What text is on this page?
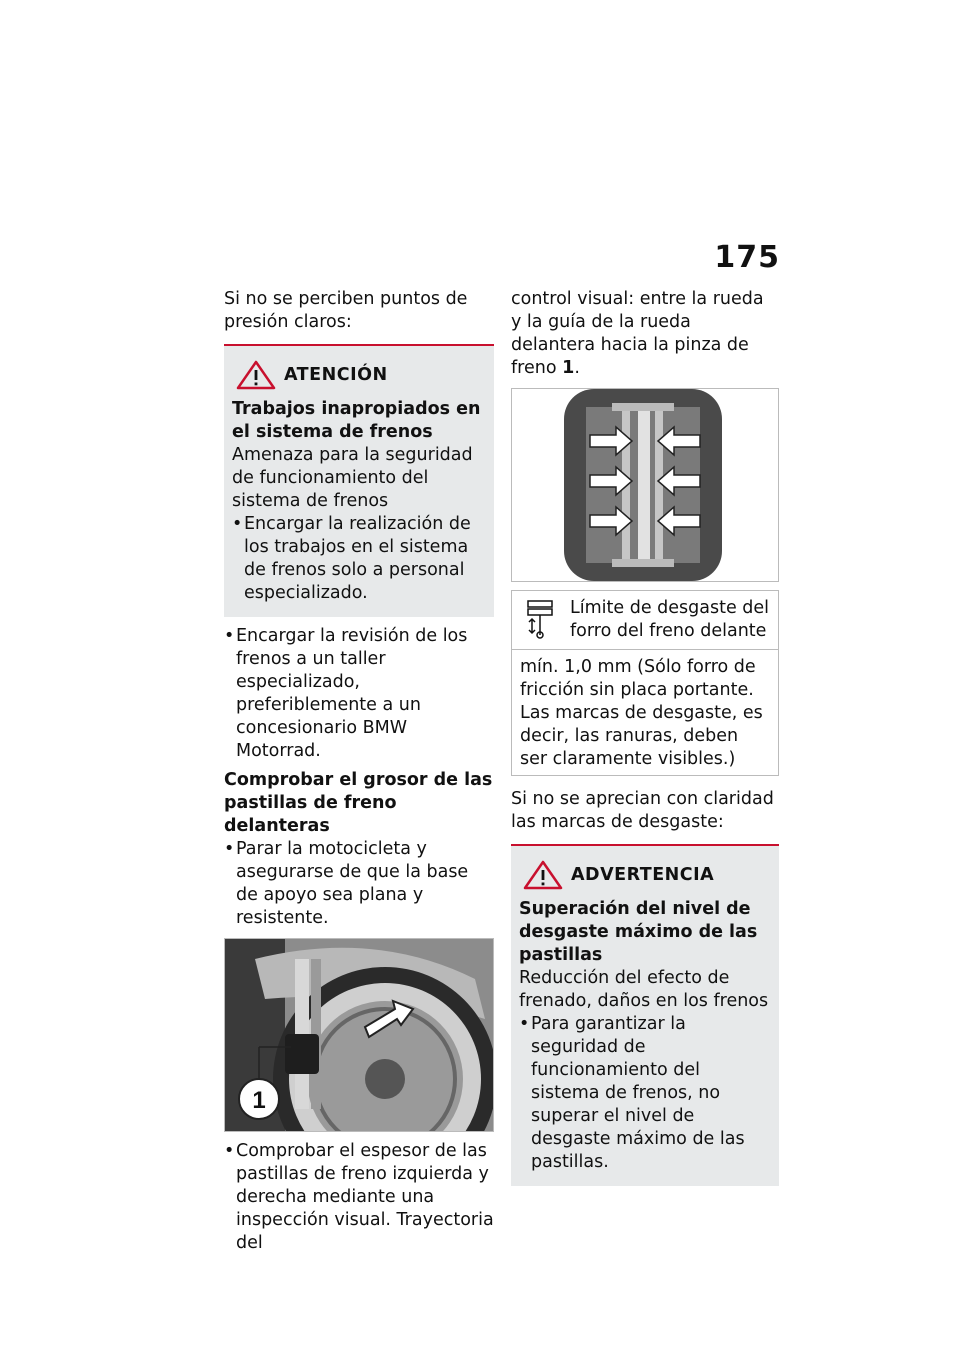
175
Si no se perciben puntos de presión claros:
ATENCIÓN
Trabajos inapropiados en el sistema de frenos
Amenaza para la seguridad de funcionamiento del sistema de frenos
• Encargar la realización de los trabajos en el sistema de frenos solo a personal especializado.
• Encargar la revisión de los frenos a un taller especializado, preferiblemente a un concesionario BMW Motorrad.
Comprobar el grosor de las pastillas de freno delanteras
• Parar la motocicleta y asegurarse de que la base de apoyo sea plana y resistente.
1
• Comprobar el espesor de las pastillas de freno izquierda y derecha mediante una inspección visual. Trayectoria del
control visual: entre la rueda y la guía de la rueda delantera hacia la pinza de freno 1.
Límite de desgaste del forro del freno delante
mín. 1,0 mm (Sólo forro de fricción sin placa portante. Las marcas de desgaste, es decir, las ranuras, deben ser claramente visibles.)
Si no se aprecian con claridad las marcas de desgaste:
ADVERTENCIA
Superación del nivel de desgaste máximo de las pastillas
Reducción del efecto de frenado, daños en los frenos
• Para garantizar la seguridad de funcionamiento del sistema de frenos, no superar el nivel de desgaste máximo de las pastillas.
